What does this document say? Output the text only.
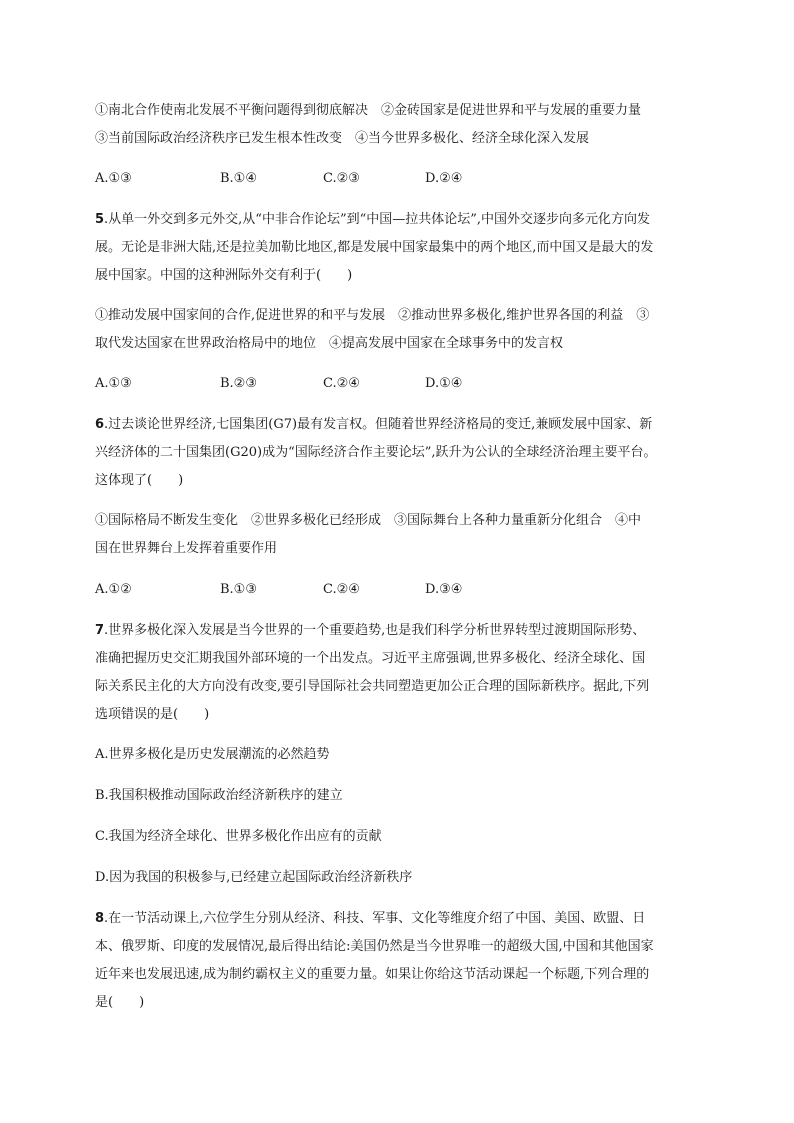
①南北合作使南北发展不平衡问题得到彻底解决　②金砖国家是促进世界和平与发展的重要力量
③当前国际政治经济秩序已发生根本性改变　④当今世界多极化、经济全球化深入发展
A.①③	B.①④	C.②③	D.②④
5.从单一外交到多元外交,从“中非合作论坛”到“中国—拉共体论坛”,中国外交逐步向多元化方向发
展。无论是非洲大陆,还是拉美加勒比地区,都是发展中国家最集中的两个地区,而中国又是最大的发
展中国家。中国的这种洲际外交有利于(　　)
①推动发展中国家间的合作,促进世界的和平与发展　②推动世界多极化,维护世界各国的利益　③
取代发达国家在世界政治格局中的地位　④提高发展中国家在全球事务中的发言权
A.①③	B.②③	C.②④	D.①④
6.过去谈论世界经济,七国集团(G7)最有发言权。但随着世界经济格局的变迁,兼顾发展中国家、新
兴经济体的二十国集团(G20)成为“国际经济合作主要论坛”,跃升为公认的全球经济治理主要平台。
这体现了(　　)
①国际格局不断发生变化　②世界多极化已经形成　③国际舞台上各种力量重新分化组合　④中
国在世界舞台上发挥着重要作用
A.①②	B.①③	C.②④	D.③④
7.世界多极化深入发展是当今世界的一个重要趋势,也是我们科学分析世界转型过渡期国际形势、
准确把握历史交汇期我国外部环境的一个出发点。习近平主席强调,世界多极化、经济全球化、国
际关系民主化的大方向没有改变,要引导国际社会共同塑造更加公正合理的国际新秩序。据此,下列
选项错误的是(　　)
A.世界多极化是历史发展潮流的必然趋势
B.我国积极推动国际政治经济新秩序的建立
C.我国为经济全球化、世界多极化作出应有的贡献
D.因为我国的积极参与,已经建立起国际政治经济新秩序
8.在一节活动课上,六位学生分别从经济、科技、军事、文化等维度介绍了中国、美国、欧盟、日
本、俄罗斯、印度的发展情况,最后得出结论:美国仍然是当今世界唯一的超级大国,中国和其他国家
近年来也发展迅速,成为制约霸权主义的重要力量。如果让你给这节活动课起一个标题,下列合理的
是(　　)
